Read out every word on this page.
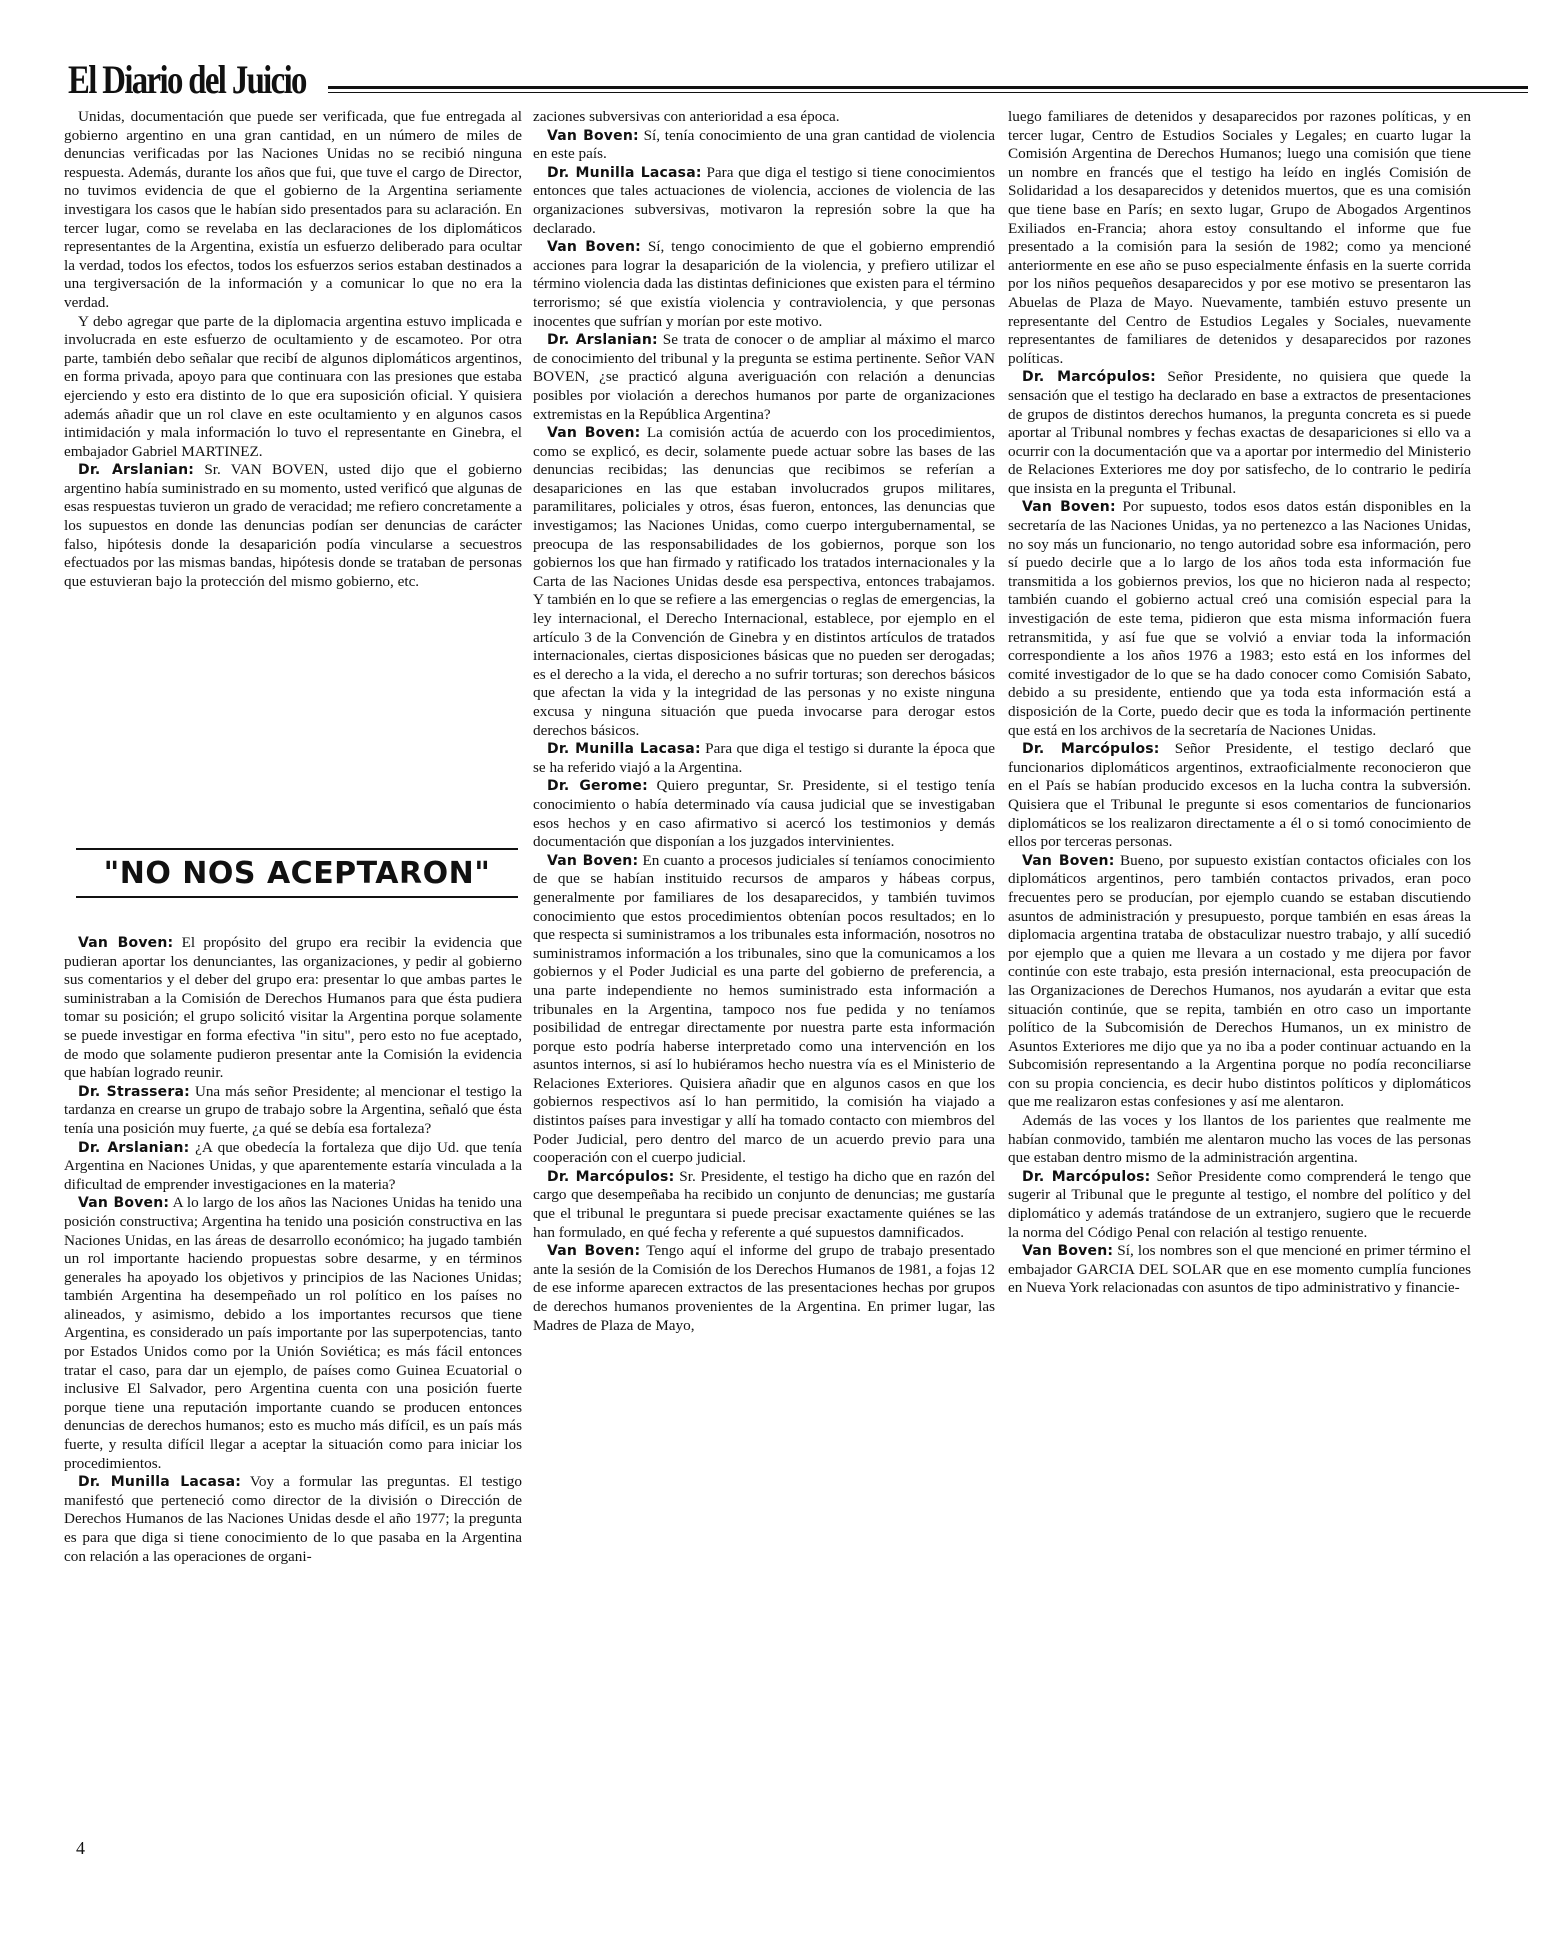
El Diario del Juicio

Unidas, documentación que puede ser verificada, que fue entregada al gobierno argentino en una gran cantidad, en un número de miles de denuncias verificadas por las Naciones Unidas no se recibió ninguna respuesta. Además, durante los años que fui, que tuve el cargo de Director, no tuvimos evidencia de que el gobierno de la Argentina seriamente investigara los casos que le habían sido presentados para su aclaración. En tercer lugar, como se revelaba en las declaraciones de los diplomáticos representantes de la Argentina, existía un esfuerzo deliberado para ocultar la verdad, todos los efectos, todos los esfuerzos serios estaban destinados a una tergiversación de la información y a comunicar lo que no era la verdad.

Y debo agregar que parte de la diplomacia argentina estuvo implicada e involucrada en este esfuerzo de ocultamiento y de escamoteo. Por otra parte, también debo señalar que recibí de algunos diplomáticos argentinos, en forma privada, apoyo para que continuara con las presiones que estaba ejerciendo y esto era distinto de lo que era suposición oficial. Y quisiera además añadir que un rol clave en este ocultamiento y en algunos casos intimidación y mala información lo tuvo el representante en Ginebra, el embajador Gabriel MARTINEZ.

Dr. Arslanian: Sr. VAN BOVEN, usted dijo que el gobierno argentino había suministrado en su momento, usted verificó que algunas de esas respuestas tuvieron un grado de veracidad; me refiero concretamente a los supuestos en donde las denuncias podían ser denuncias de carácter falso, hipótesis donde la desaparición podía vincularse a secuestros efectuados por las mismas bandas, hipótesis donde se trataban de personas que estuvieran bajo la protección del mismo gobierno, etc.

"NO NOS ACEPTARON"

Van Boven: El propósito del grupo era recibir la evidencia que pudieran aportar los denunciantes, las organizaciones, y pedir al gobierno sus comentarios y el deber del grupo era: presentar lo que ambas partes le suministraban a la Comisión de Derechos Humanos para que ésta pudiera tomar su posición; el grupo solicitó visitar la Argentina porque solamente se puede investigar en forma efectiva "in situ", pero esto no fue aceptado, de modo que solamente pudieron presentar ante la Comisión la evidencia que habían logrado reunir.

Dr. Strassera: Una más señor Presidente; al mencionar el testigo la tardanza en crearse un grupo de trabajo sobre la Argentina, señaló que ésta tenía una posición muy fuerte, ¿a qué se debía esa fortaleza?

Dr. Arslanian: ¿A que obedecía la fortaleza que dijo Ud. que tenía Argentina en Naciones Unidas, y que aparentemente estaría vinculada a la dificultad de emprender investigaciones en la materia?

Van Boven: A lo largo de los años las Naciones Unidas ha tenido una posición constructiva; Argentina ha tenido una posición constructiva en las Naciones Unidas, en las áreas de desarrollo económico; ha jugado también un rol importante haciendo propuestas sobre desarme, y en términos generales ha apoyado los objetivos y principios de las Naciones Unidas; también Argentina ha desempeñado un rol político en los países no alineados, y asimismo, debido a los importantes recursos que tiene Argentina, es considerado un país importante por las superpotencias, tanto por Estados Unidos como por la Unión Soviética; es más fácil entonces tratar el caso, para dar un ejemplo, de países como Guinea Ecuatorial o inclusive El Salvador, pero Argentina cuenta con una posición fuerte porque tiene una reputación importante cuando se producen entonces denuncias de derechos humanos; esto es mucho más difícil, es un país más fuerte, y resulta difícil llegar a aceptar la situación como para iniciar los procedimientos.

Dr. Munilla Lacasa: Voy a formular las preguntas. El testigo manifestó que perteneció como director de la división o Dirección de Derechos Humanos de las Naciones Unidas desde el año 1977; la pregunta es para que diga si tiene conocimiento de lo que pasaba en la Argentina con relación a las operaciones de organi-

zaciones subversivas con anterioridad a esa época.

Van Boven: Sí, tenía conocimiento de una gran cantidad de violencia en este país.

Dr. Munilla Lacasa: Para que diga el testigo si tiene conocimientos entonces que tales actuaciones de violencia, acciones de violencia de las organizaciones subversivas, motivaron la represión sobre la que ha declarado.

Van Boven: Sí, tengo conocimiento de que el gobierno emprendió acciones para lograr la desaparición de la violencia, y prefiero utilizar el término violencia dada las distintas definiciones que existen para el término terrorismo; sé que existía violencia y contraviolencia, y que personas inocentes que sufrían y morían por este motivo.

Dr. Arslanian: Se trata de conocer o de ampliar al máximo el marco de conocimiento del tribunal y la pregunta se estima pertinente. Señor VAN BOVEN, ¿se practicó alguna averiguación con relación a denuncias posibles por violación a derechos humanos por parte de organizaciones extremistas en la República Argentina?

Van Boven: La comisión actúa de acuerdo con los procedimientos, como se explicó, es decir, solamente puede actuar sobre las bases de las denuncias recibidas; las denuncias que recibimos se referían a desapariciones en las que estaban involucrados grupos militares, paramilitares, policiales y otros, ésas fueron, entonces, las denuncias que investigamos; las Naciones Unidas, como cuerpo intergubernamental, se preocupa de las responsabilidades de los gobiernos, porque son los gobiernos los que han firmado y ratificado los tratados internacionales y la Carta de las Naciones Unidas desde esa perspectiva, entonces trabajamos. Y también en lo que se refiere a las emergencias o reglas de emergencias, la ley internacional, el Derecho Internacional, establece, por ejemplo en el artículo 3 de la Convención de Ginebra y en distintos artículos de tratados internacionales, ciertas disposiciones básicas que no pueden ser derogadas; es el derecho a la vida, el derecho a no sufrir torturas; son derechos básicos que afectan la vida y la integridad de las personas y no existe ninguna excusa y ninguna situación que pueda invocarse para derogar estos derechos básicos.

Dr. Munilla Lacasa: Para que diga el testigo si durante la época que se ha referido viajó a la Argentina.

Dr. Gerome: Quiero preguntar, Sr. Presidente, si el testigo tenía conocimiento o había determinado vía causa judicial que se investigaban esos hechos y en caso afirmativo si acercó los testimonios y demás documentación que disponían a los juzgados intervinientes.

Van Boven: En cuanto a procesos judiciales sí teníamos conocimiento de que se habían instituido recursos de amparos y hábeas corpus, generalmente por familiares de los desaparecidos, y también tuvimos conocimiento que estos procedimientos obtenían pocos resultados; en lo que respecta si suministramos a los tribunales esta información, nosotros no suministramos información a los tribunales, sino que la comunicamos a los gobiernos y el Poder Judicial es una parte del gobierno de preferencia, a una parte independiente no hemos suministrado esta información a tribunales en la Argentina, tampoco nos fue pedida y no teníamos posibilidad de entregar directamente por nuestra parte esta información porque esto podría haberse interpretado como una intervención en los asuntos internos, si así lo hubiéramos hecho nuestra vía es el Ministerio de Relaciones Exteriores. Quisiera añadir que en algunos casos en que los gobiernos respectivos así lo han permitido, la comisión ha viajado a distintos países para investigar y allí ha tomado contacto con miembros del Poder Judicial, pero dentro del marco de un acuerdo previo para una cooperación con el cuerpo judicial.

Dr. Marcópulos: Sr. Presidente, el testigo ha dicho que en razón del cargo que desempeñaba ha recibido un conjunto de denuncias; me gustaría que el tribunal le preguntara si puede precisar exactamente quiénes se las han formulado, en qué fecha y referente a qué supuestos damnificados.

Van Boven: Tengo aquí el informe del grupo de trabajo presentado ante la sesión de la Comisión de los Derechos Humanos de 1981, a fojas 12 de ese informe aparecen extractos de las presentaciones hechas por grupos de derechos humanos provenientes de la Argentina. En primer lugar, las Madres de Plaza de Mayo,

luego familiares de detenidos y desaparecidos por razones políticas, y en tercer lugar, Centro de Estudios Sociales y Legales; en cuarto lugar la Comisión Argentina de Derechos Humanos; luego una comisión que tiene un nombre en francés que el testigo ha leído en inglés Comisión de Solidaridad a los desaparecidos y detenidos muertos, que es una comisión que tiene base en París; en sexto lugar, Grupo de Abogados Argentinos Exiliados en-Francia; ahora estoy consultando el informe que fue presentado a la comisión para la sesión de 1982; como ya mencioné anteriormente en ese año se puso especialmente énfasis en la suerte corrida por los niños pequeños desaparecidos y por ese motivo se presentaron las Abuelas de Plaza de Mayo. Nuevamente, también estuvo presente un representante del Centro de Estudios Legales y Sociales, nuevamente representantes de familiares de detenidos y desaparecidos por razones políticas.

Dr. Marcópulos: Señor Presidente, no quisiera que quede la sensación que el testigo ha declarado en base a extractos de presentaciones de grupos de distintos derechos humanos, la pregunta concreta es si puede aportar al Tribunal nombres y fechas exactas de desapariciones si ello va a ocurrir con la documentación que va a aportar por intermedio del Ministerio de Relaciones Exteriores me doy por satisfecho, de lo contrario le pediría que insista en la pregunta el Tribunal.

Van Boven: Por supuesto, todos esos datos están disponibles en la secretaría de las Naciones Unidas, ya no pertenezco a las Naciones Unidas, no soy más un funcionario, no tengo autoridad sobre esa información, pero sí puedo decirle que a lo largo de los años toda esta información fue transmitida a los gobiernos previos, los que no hicieron nada al respecto; también cuando el gobierno actual creó una comisión especial para la investigación de este tema, pidieron que esta misma información fuera retransmitida, y así fue que se volvió a enviar toda la información correspondiente a los años 1976 a 1983; esto está en los informes del comité investigador de lo que se ha dado conocer como Comisión Sabato, debido a su presidente, entiendo que ya toda esta información está a disposición de la Corte, puedo decir que es toda la información pertinente que está en los archivos de la secretaría de Naciones Unidas.

Dr. Marcópulos: Señor Presidente, el testigo declaró que funcionarios diplomáticos argentinos, extraoficialmente reconocieron que en el País se habían producido excesos en la lucha contra la subversión. Quisiera que el Tribunal le pregunte si esos comentarios de funcionarios diplomáticos se los realizaron directamente a él o si tomó conocimiento de ellos por terceras personas.

Van Boven: Bueno, por supuesto existían contactos oficiales con los diplomáticos argentinos, pero también contactos privados, eran poco frecuentes pero se producían, por ejemplo cuando se estaban discutiendo asuntos de administración y presupuesto, porque también en esas áreas la diplomacia argentina trataba de obstaculizar nuestro trabajo, y allí sucedió por ejemplo que a quien me llevara a un costado y me dijera por favor continúe con este trabajo, esta presión internacional, esta preocupación de las Organizaciones de Derechos Humanos, nos ayudarán a evitar que esta situación continúe, que se repita, también en otro caso un importante político de la Subcomisión de Derechos Humanos, un ex ministro de Asuntos Exteriores me dijo que ya no iba a poder continuar actuando en la Subcomisión representando a la Argentina porque no podía reconciliarse con su propia conciencia, es decir hubo distintos políticos y diplomáticos que me realizaron estas confesiones y así me alentaron.

Además de las voces y los llantos de los parientes que realmente me habían conmovido, también me alentaron mucho las voces de las personas que estaban dentro mismo de la administración argentina.

Dr. Marcópulos: Señor Presidente como comprenderá le tengo que sugerir al Tribunal que le pregunte al testigo, el nombre del político y del diplomático y además tratándose de un extranjero, sugiero que le recuerde la norma del Código Penal con relación al testigo renuente.

Van Boven: Sí, los nombres son el que mencioné en primer término el embajador GARCIA DEL SOLAR que en ese momento cumplía funciones en Nueva York relacionadas con asuntos de tipo administrativo y financie-

4
